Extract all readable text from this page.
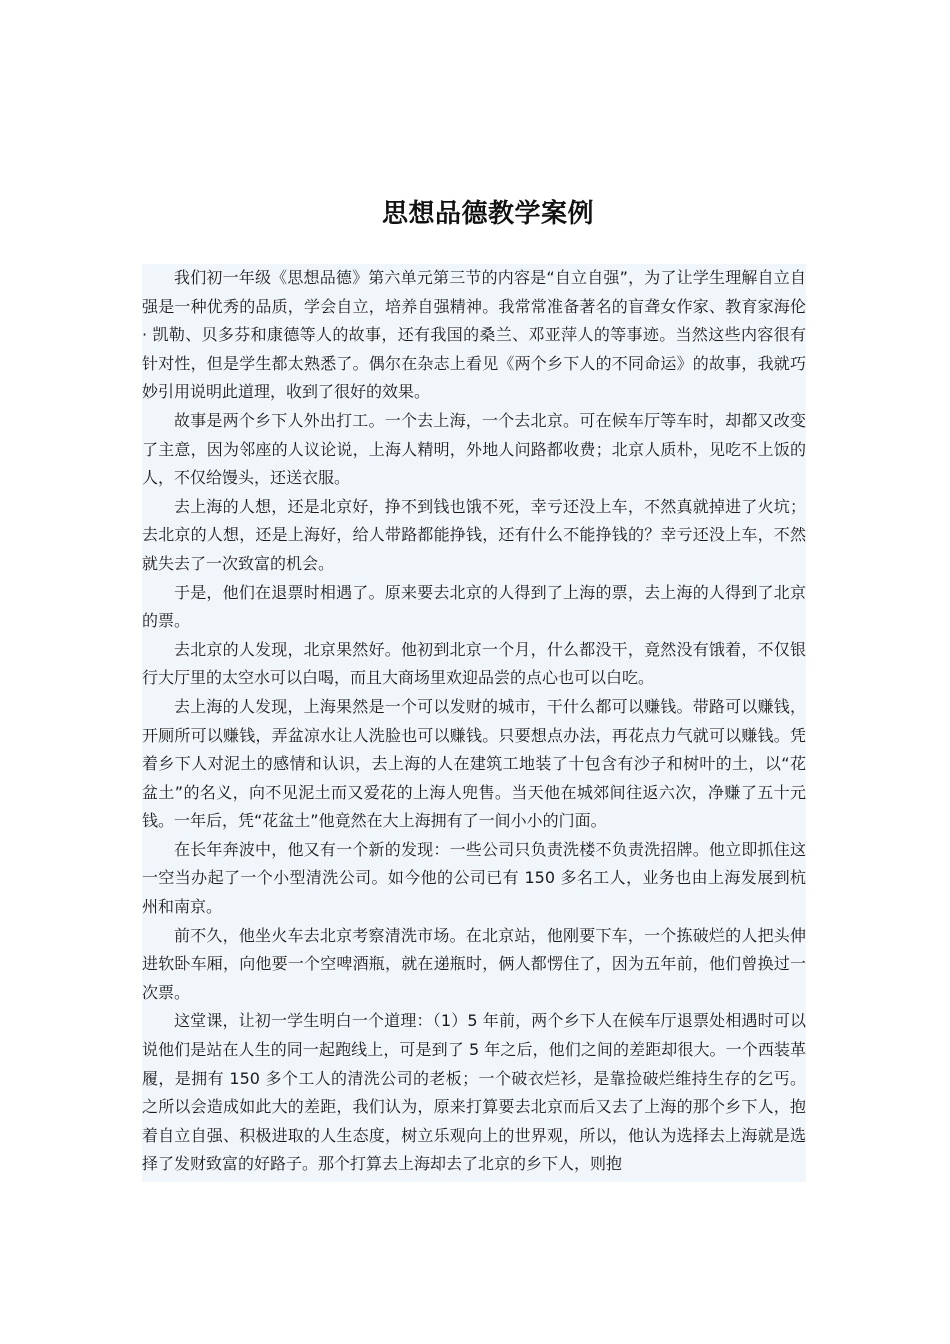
思想品德教学案例

我们初一年级《思想品德》第六单元第三节的内容是“自立自强”，为了让学生理解自立自强是一种优秀的品质，学会自立，培养自强精神。我常常准备著名的盲聋女作家、教育家海伦 · 凯勒、贝多芬和康德等人的故事，还有我国的桑兰、邓亚萍人的等事迹。当然这些内容很有针对性，但是学生都太熟悉了。偶尔在杂志上看见《两个乡下人的不同命运》的故事，我就巧妙引用说明此道理，收到了很好的效果。

故事是两个乡下人外出打工。一个去上海，一个去北京。可在候车厅等车时，却都又改变了主意，因为邻座的人议论说，上海人精明，外地人问路都收费；北京人质朴，见吃不上饭的人，不仅给馒头，还送衣服。

去上海的人想，还是北京好，挣不到钱也饿不死，幸亏还没上车，不然真就掉进了火坑；去北京的人想，还是上海好，给人带路都能挣钱，还有什么不能挣钱的？幸亏还没上车，不然就失去了一次致富的机会。

于是，他们在退票时相遇了。原来要去北京的人得到了上海的票，去上海的人得到了北京的票。

去北京的人发现，北京果然好。他初到北京一个月，什么都没干，竟然没有饿着，不仅银行大厅里的太空水可以白喝，而且大商场里欢迎品尝的点心也可以白吃。

去上海的人发现，上海果然是一个可以发财的城市，干什么都可以赚钱。带路可以赚钱，开厕所可以赚钱，弄盆凉水让人洗脸也可以赚钱。只要想点办法，再花点力气就可以赚钱。凭着乡下人对泥土的感情和认识，去上海的人在建筑工地装了十包含有沙子和树叶的土，以“花盆土”的名义，向不见泥土而又爱花的上海人兜售。当天他在城郊间往返六次，净赚了五十元钱。一年后，凭“花盆土”他竟然在大上海拥有了一间小小的门面。

在长年奔波中，他又有一个新的发现：一些公司只负责洗楼不负责洗招牌。他立即抓住这一空当办起了一个小型清洗公司。如今他的公司已有 150 多名工人，业务也由上海发展到杭州和南京。

前不久，他坐火车去北京考察清洗市场。在北京站，他刚要下车，一个拣破烂的人把头伸进软卧车厢，向他要一个空啤酒瓶，就在递瓶时，俩人都愣住了，因为五年前，他们曾换过一次票。

这堂课，让初一学生明白一个道理：（1）5 年前，两个乡下人在候车厅退票处相遇时可以说他们是站在人生的同一起跑线上，可是到了 5 年之后，他们之间的差距却很大。一个西装革履，是拥有 150 多个工人的清洗公司的老板；一个破衣烂衫，是靠捡破烂维持生存的乞丐。之所以会造成如此大的差距，我们认为，原来打算要去北京而后又去了上海的那个乡下人，抱着自立自强、积极进取的人生态度，树立乐观向上的世界观，所以，他认为选择去上海就是选择了发财致富的好路子。那个打算去上海却去了北京的乡下人，则抱
